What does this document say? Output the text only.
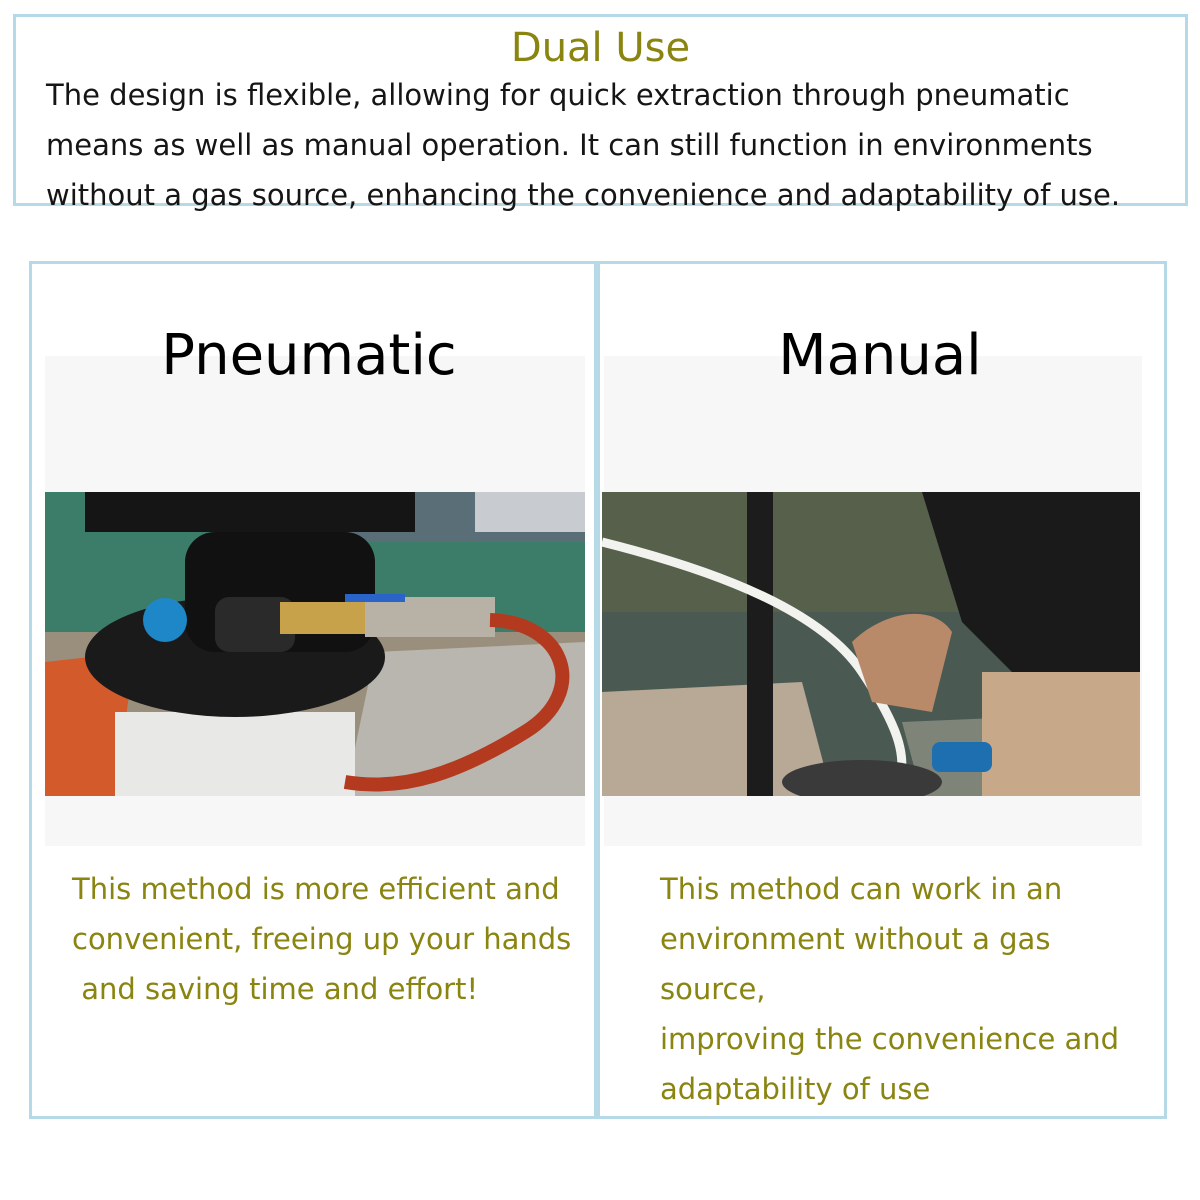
Dual Use
The design is flexible, allowing for quick extraction through pneumatic means as well as manual operation. It can still function in environments without a gas source, enhancing the convenience and adaptability of use.
Pneumatic
This method is more efficient and
convenient, freeing up your hands
and saving time and effort!
Manual
This method can work in an
environment without a gas source,
improving the convenience and
adaptability of use
